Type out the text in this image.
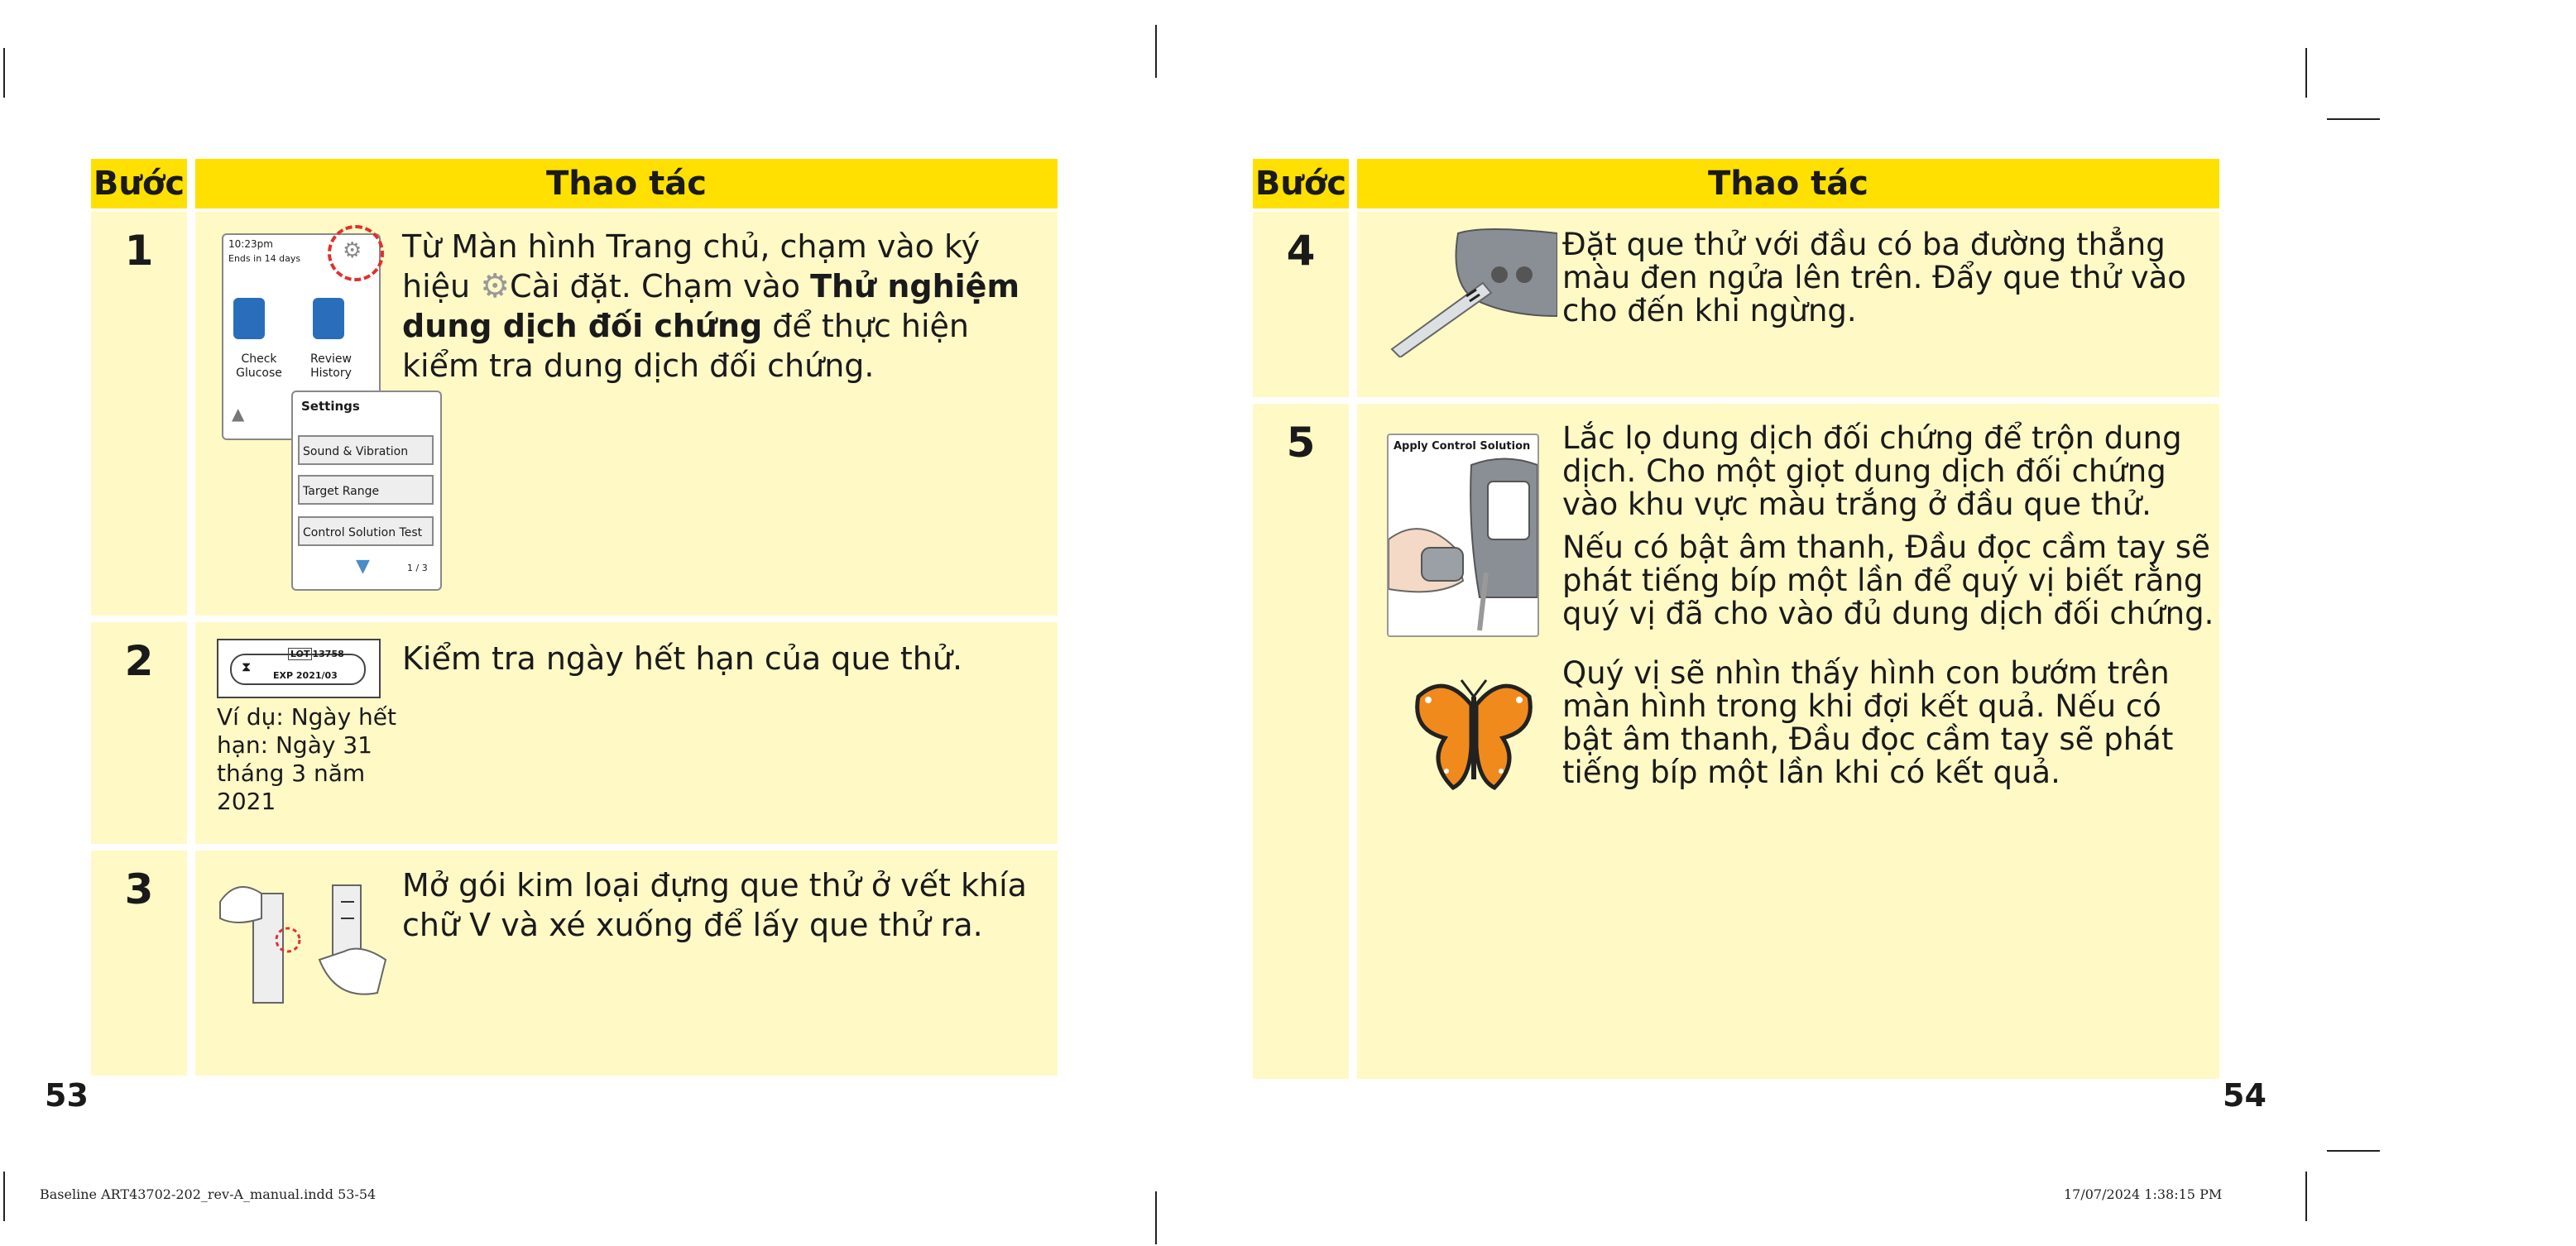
Bước	Thao tác
1	10:23pm
Ends in 14 days
Check Glucose
Review History
▲
⚙
Settings
Sound & Vibration
Target Range
Control Solution Test
▼	1 / 3
Từ Màn hình Trang chủ, chạm vào ký hiệu ⚙Cài đặt. Chạm vào Thử nghiệm dung dịch đối chứng để thực hiện kiểm tra dung dịch đối chứng.
2	⧗
LOT 13758
EXP 2021/03
Ví dụ: Ngày hết hạn: Ngày 31 tháng 3 năm 2021
Kiểm tra ngày hết hạn của que thử.
3	Mở gói kim loại đựng que thử ở vết khía chữ V và xé xuống để lấy que thử ra.
53
Bước	Thao tác
4	Đặt que thử với đầu có ba đường thẳng màu đen ngửa lên trên. Đẩy que thử vào cho đến khi ngừng.
5	Apply Control Solution Lắc lọ dung dịch đối chứng để trộn dung dịch. Cho một giọt dung dịch đối chứng vào khu vực màu trắng ở đầu que thử.
Nếu có bật âm thanh, Đầu đọc cầm tay sẽ phát tiếng bíp một lần để quý vị biết rằng quý vị đã cho vào đủ dung dịch đối chứng.
Quý vị sẽ nhìn thấy hình con bướm trên màn hình trong khi đợi kết quả. Nếu có bật âm thanh, Đầu đọc cầm tay sẽ phát tiếng bíp một lần khi có kết quả.
54
Baseline ART43702-202_rev-A_manual.indd 53-54	17/07/2024 1:38:15 PM
